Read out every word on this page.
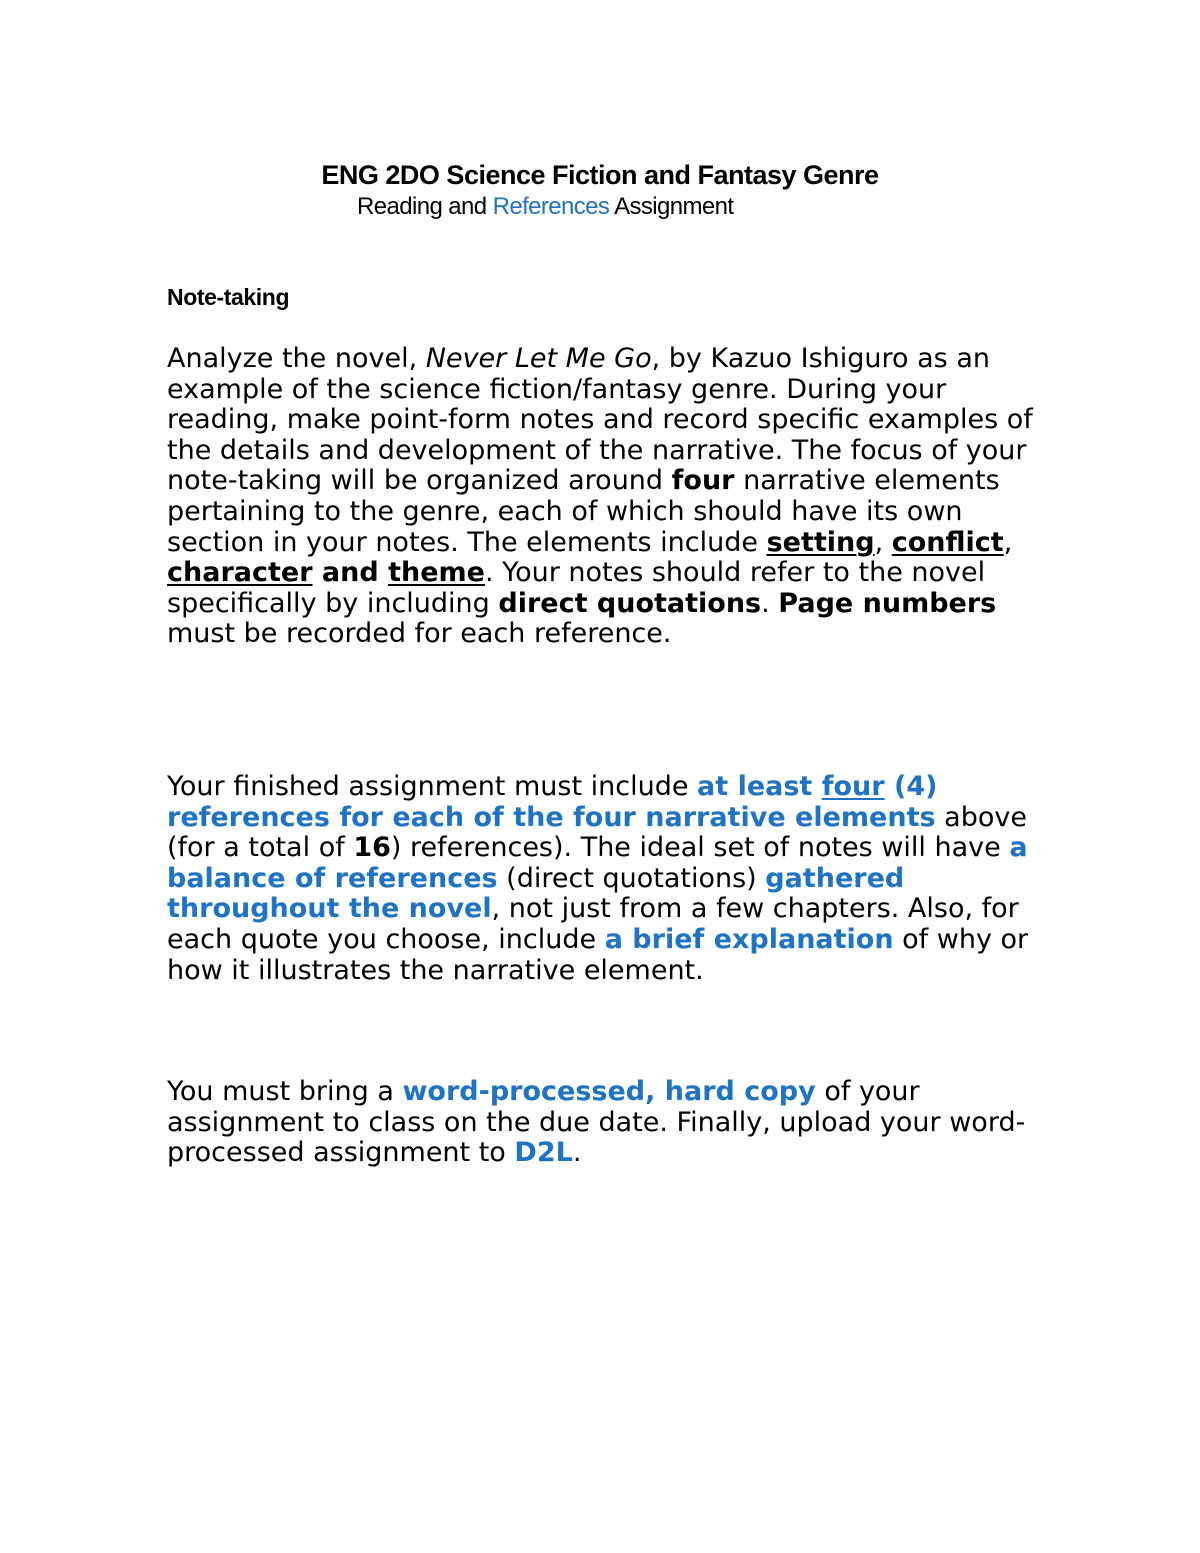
ENG 2DO Science Fiction and Fantasy Genre
Reading and References Assignment
Note-taking

Analyze the novel, Never Let Me Go, by Kazuo Ishiguro as an
example of the science fiction/fantasy genre. During your reading, make point-form notes and record specific examples of the details and development of the narrative. The focus of your note-taking will be organized around four narrative elements pertaining to the genre, each of which should have its own section in your notes. The elements include setting, conflict, character and theme. Your notes should refer to the novel specifically by including direct quotations. Page numbers must be recorded for each reference.

Your finished assignment must include at least four (4) references for each of the four narrative elements above (for a total of 16) references). The ideal set of notes will have a balance of references (direct quotations) gathered throughout the novel, not just from a few chapters. Also, for each quote you choose, include a brief explanation of why or how it illustrates the narrative element.

You must bring a word-processed, hard copy of your assignment to class on the due date. Finally, upload your word-processed assignment to D2L.
